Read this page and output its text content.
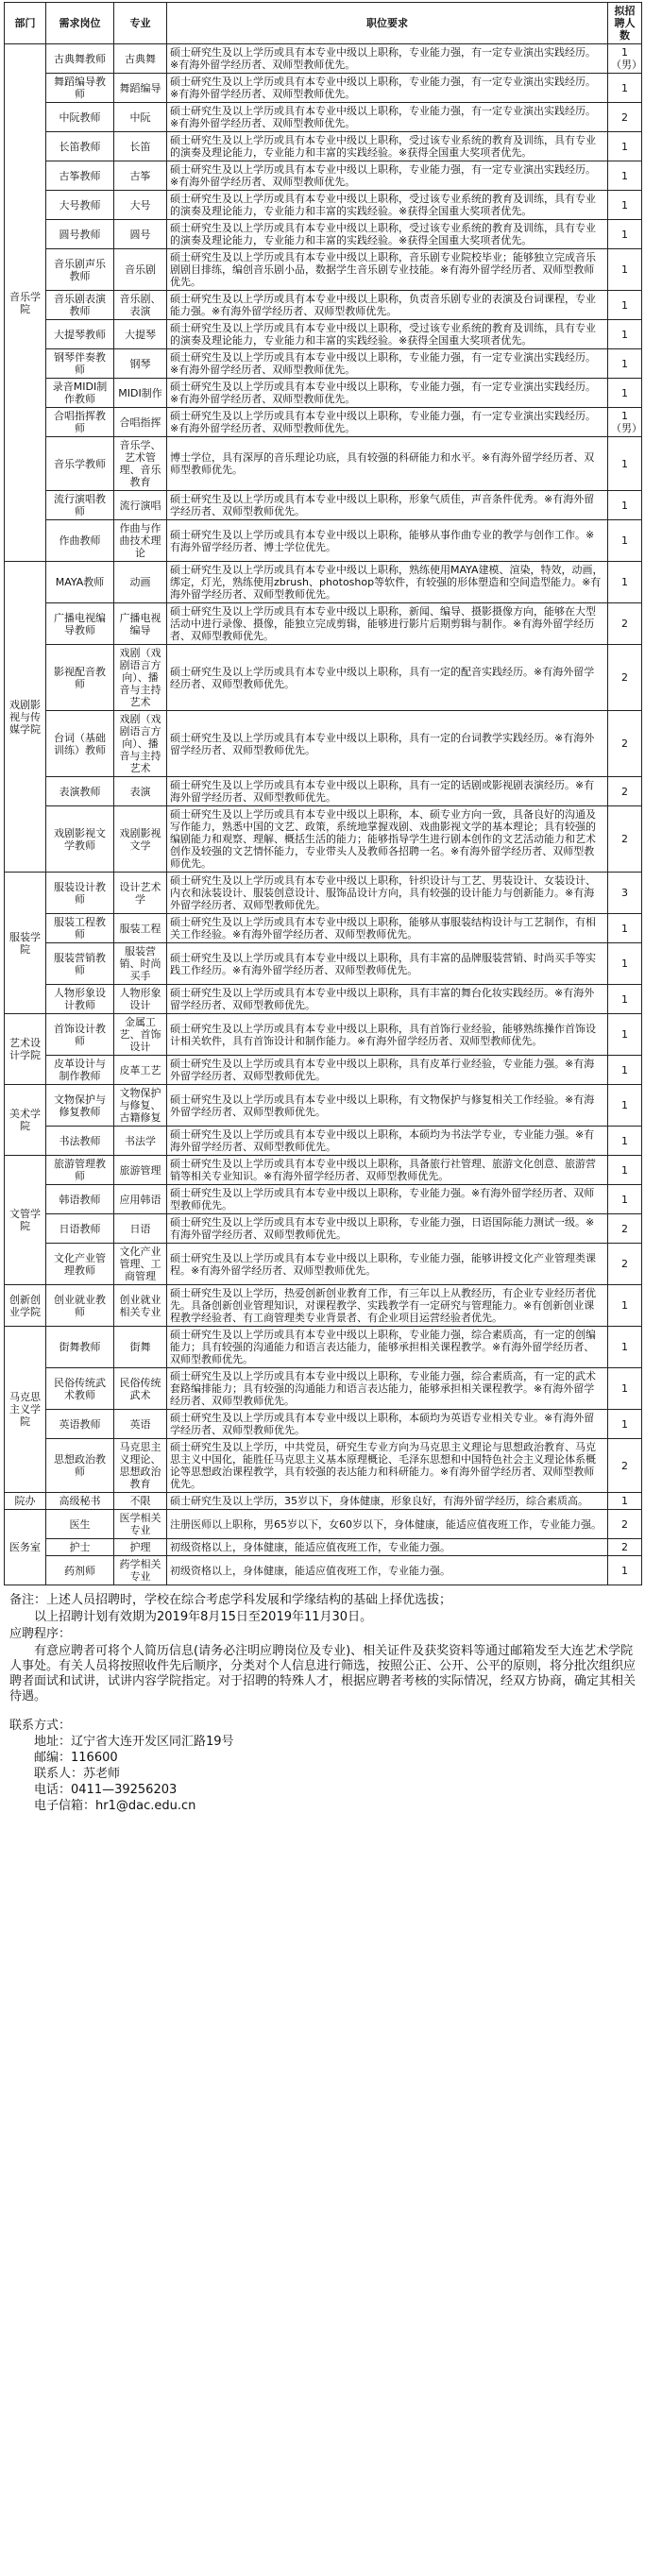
部门	需求岗位	专业	职位要求	拟招聘人数
音乐学院	古典舞教师	古典舞	硕士研究生及以上学历或具有本专业中级以上职称，专业能力强，有一定专业演出实践经历。※有海外留学经历者、双师型教师优先。	1（男）
	舞蹈编导教师	舞蹈编导	硕士研究生及以上学历或具有本专业中级以上职称，专业能力强，有一定专业演出实践经历。※有海外留学经历者、双师型教师优先。	1
	中阮教师	中阮	硕士研究生及以上学历或具有本专业中级以上职称，专业能力强，有一定专业演出实践经历。※有海外留学经历者、双师型教师优先。	2
	长笛教师	长笛	硕士研究生及以上学历或具有本专业中级以上职称，受过该专业系统的教育及训练，具有专业的演奏及理论能力，专业能力和丰富的实践经验。※获得全国重大奖项者优先。	1
	古筝教师	古筝	硕士研究生及以上学历或具有本专业中级以上职称，专业能力强，有一定专业演出实践经历。※有海外留学经历者、双师型教师优先。	1
	大号教师	大号	硕士研究生及以上学历或具有本专业中级以上职称，受过该专业系统的教育及训练，具有专业的演奏及理论能力，专业能力和丰富的实践经验。※获得全国重大奖项者优先。	1
	圆号教师	圆号	硕士研究生及以上学历或具有本专业中级以上职称，受过该专业系统的教育及训练，具有专业的演奏及理论能力，专业能力和丰富的实践经验。※获得全国重大奖项者优先。	1
	音乐剧声乐教师	音乐剧	硕士研究生及以上学历或具有本专业中级以上职称，音乐剧专业院校毕业；能够独立完成音乐剧剧目排练，编创音乐剧小品，数据学生音乐剧专业技能。※有海外留学经历者、双师型教师优先。	1
	音乐剧表演教师	音乐剧、表演	硕士研究生及以上学历或具有本专业中级以上职称，负责音乐剧专业的表演及台词课程，专业能力强。※有海外留学经历者、双师型教师优先。	1
	大提琴教师	大提琴	硕士研究生及以上学历或具有本专业中级以上职称，受过该专业系统的教育及训练，具有专业的演奏及理论能力，专业能力和丰富的实践经验。※获得全国重大奖项者优先。	1
	钢琴伴奏教师	钢琴	硕士研究生及以上学历或具有本专业中级以上职称，专业能力强，有一定专业演出实践经历。※有海外留学经历者、双师型教师优先。	1
	录音MIDI制作教师	MIDI制作	硕士研究生及以上学历或具有本专业中级以上职称，专业能力强，有一定专业演出实践经历。※有海外留学经历者、双师型教师优先。	1
	合唱指挥教师	合唱指挥	硕士研究生及以上学历或具有本专业中级以上职称，专业能力强，有一定专业演出实践经历。※有海外留学经历者、双师型教师优先。	1（男）
	音乐学教师	音乐学、艺术管理、音乐教育	博士学位，具有深厚的音乐理论功底，具有较强的科研能力和水平。※有海外留学经历者、双师型教师优先。	1
	流行演唱教师	流行演唱	硕士研究生及以上学历或具有本专业中级以上职称，形象气质佳，声音条件优秀。※有海外留学经历者、双师型教师优先。	1
	作曲教师	作曲与作曲技术理论	硕士研究生及以上学历或具有本专业中级以上职称，能够从事作曲专业的教学与创作工作。※有海外留学经历者、博士学位优先。	1
戏剧影视与传媒学院	MAYA教师	动画	硕士研究生及以上学历或具有本专业中级以上职称，熟练使用MAYA建模、渲染，特效，动画，绑定，灯光，熟练使用zbrush、photoshop等软件，有较强的形体塑造和空间造型能力。※有海外留学经历者、双师型教师优先。	1
	广播电视编导教师	广播电视编导	硕士研究生及以上学历或具有本专业中级以上职称，新闻、编导、摄影摄像方向，能够在大型活动中进行录像、摄像，能独立完成剪辑，能够进行影片后期剪辑与制作。※有海外留学经历者、双师型教师优先。	2
	影视配音教师	戏剧（戏剧语言方向）、播音与主持艺术	硕士研究生及以上学历或具有本专业中级以上职称，具有一定的配音实践经历。※有海外留学经历者、双师型教师优先。	2
	台词（基础训练）教师	戏剧（戏剧语言方向）、播音与主持艺术	硕士研究生及以上学历或具有本专业中级以上职称，具有一定的台词教学实践经历。※有海外留学经历者、双师型教师优先。	2
	表演教师	表演	硕士研究生及以上学历或具有本专业中级以上职称，具有一定的话剧或影视剧表演经历。※有海外留学经历者、双师型教师优先。	2
	戏剧影视文学教师	戏剧影视文学	硕士研究生及以上学历或具有本专业中级以上职称，本、硕专业方向一致，具备良好的沟通及写作能力，熟悉中国的文艺、政策，系统地掌握戏剧、戏曲影视文学的基本理论；具有较强的编剧能力和观察、理解、概括生活的能力；能够指导学生进行剧本创作的文艺活动能力和艺术创作及较强的文艺情怀能力，专业带头人及教师各招聘一名。※有海外留学经历者、双师型教师优先。	2
服装学院	服装设计教师	设计艺术学	硕士研究生及以上学历或具有本专业中级以上职称，针织设计与工艺、男装设计、女装设计、内衣和泳装设计、服装创意设计、服饰品设计方向，具有较强的设计能力与创新能力。※有海外留学经历者、双师型教师优先。	3
	服装工程教师	服装工程	硕士研究生及以上学历或具有本专业中级以上职称，能够从事服装结构设计与工艺制作，有相关工作经验。※有海外留学经历者、双师型教师优先。	1
	服装营销教师	服装营销、时尚买手	硕士研究生及以上学历或具有本专业中级以上职称，具有丰富的品牌服装营销、时尚买手等实践工作经历。※有海外留学经历者、双师型教师优先。	1
	人物形象设计教师	人物形象设计	硕士研究生及以上学历或具有本专业中级以上职称，具有丰富的舞台化妆实践经历。※有海外留学经历者、双师型教师优先。	1
艺术设计学院	首饰设计教师	金属工艺、首饰设计	硕士研究生及以上学历或具有本专业中级以上职称，具有首饰行业经验，能够熟练操作首饰设计相关软件，具有首饰设计和制作能力。※有海外留学经历者、双师型教师优先。	1
	皮革设计与制作教师	皮革工艺	硕士研究生及以上学历或具有本专业中级以上职称，具有皮革行业经验，专业能力强。※有海外留学经历者、双师型教师优先。	1
美术学院	文物保护与修复教师	文物保护与修复、古籍修复	硕士研究生及以上学历或具有本专业中级以上职称，有文物保护与修复相关工作经验。※有海外留学经历者、双师型教师优先。	1
	书法教师	书法学	硕士研究生及以上学历或具有本专业中级以上职称，本硕均为书法学专业，专业能力强。※有海外留学经历者、双师型教师优先。	1
文管学院	旅游管理教师	旅游管理	硕士研究生及以上学历或具有本专业中级以上职称，具备旅行社管理、旅游文化创意、旅游营销等相关专业知识。※有海外留学经历者、双师型教师优先。	1
	韩语教师	应用韩语	硕士研究生及以上学历或具有本专业中级以上职称，专业能力强。※有海外留学经历者、双师型教师优先。	1
	日语教师	日语	硕士研究生及以上学历或具有本专业中级以上职称，专业能力强，日语国际能力测试一级。※有海外留学经历者、双师型教师优先。	2
	文化产业管理教师	文化产业管理、工商管理	硕士研究生及以上学历或具有本专业中级以上职称，专业能力强，能够讲授文化产业管理类课程。※有海外留学经历者、双师型教师优先。	2
创新创业学院	创业就业教师	创业就业相关专业	硕士研究生及以上学历，热爱创新创业教育工作，有三年以上从教经历，有企业专业经历者优先。具备创新创业管理知识，对课程教学、实践教学有一定研究与管理能力。※有创新创业课程教学经验者、有工商管理类专业背景者、有企业项目运营经验者优先。	1
马克思主义学院	街舞教师	街舞	硕士研究生及以上学历或具有本专业中级以上职称，专业能力强，综合素质高，有一定的创编能力；具有较强的沟通能力和语言表达能力，能够承担相关课程教学。※有海外留学经历者、双师型教师优先。	1
	民俗传统武术教师	民俗传统武术	硕士研究生及以上学历或具有本专业中级以上职称，专业能力强，综合素质高，有一定的武术套路编排能力；具有较强的沟通能力和语言表达能力，能够承担相关课程教学。※有海外留学经历者、双师型教师优先。	1
	英语教师	英语	硕士研究生及以上学历或具有本专业中级以上职称，本硕均为英语专业相关专业。※有海外留学经历者、双师型教师优先。	1
	思想政治教师	马克思主义理论、思想政治教育	硕士研究生及以上学历，中共党员，研究生专业方向为马克思主义理论与思想政治教育、马克思主义中国化，能胜任马克思主义基本原理概论、毛泽东思想和中国特色社会主义理论体系概论等思想政治课程教学，具有较强的表达能力和科研能力。※有海外留学经历者、双师型教师优先。	2
院办	高级秘书	不限	硕士研究生及以上学历，35岁以下，身体健康，形象良好，有海外留学经历，综合素质高。	1
医务室	医生	医学相关专业	注册医师以上职称，男65岁以下，女60岁以下，身体健康，能适应值夜班工作，专业能力强。	2
	护士	护理	初级资格以上，身体健康，能适应值夜班工作，专业能力强。	2
	药剂师	药学相关专业	初级资格以上，身体健康，能适应值夜班工作，专业能力强。	1

备注：上述人员招聘时，学校在综合考虑学科发展和学缘结构的基础上择优选拔；

以上招聘计划有效期为2019年8月15日至2019年11月30日。

应聘程序：

有意应聘者可将个人简历信息(请务必注明应聘岗位及专业)、相关证件及获奖资料等通过邮箱发至大连艺术学院人事处。有关人员将按照收件先后顺序，分类对个人信息进行筛选，按照公正、公开、公平的原则，将分批次组织应聘者面试和试讲，试讲内容学院指定。对于招聘的特殊人才，根据应聘者考核的实际情况，经双方协商，确定其相关待遇。

联系方式：
地址：辽宁省大连开发区同汇路19号
邮编：116600
联系人：苏老师
电话：0411—39256203
电子信箱：hr1@dac.edu.cn
